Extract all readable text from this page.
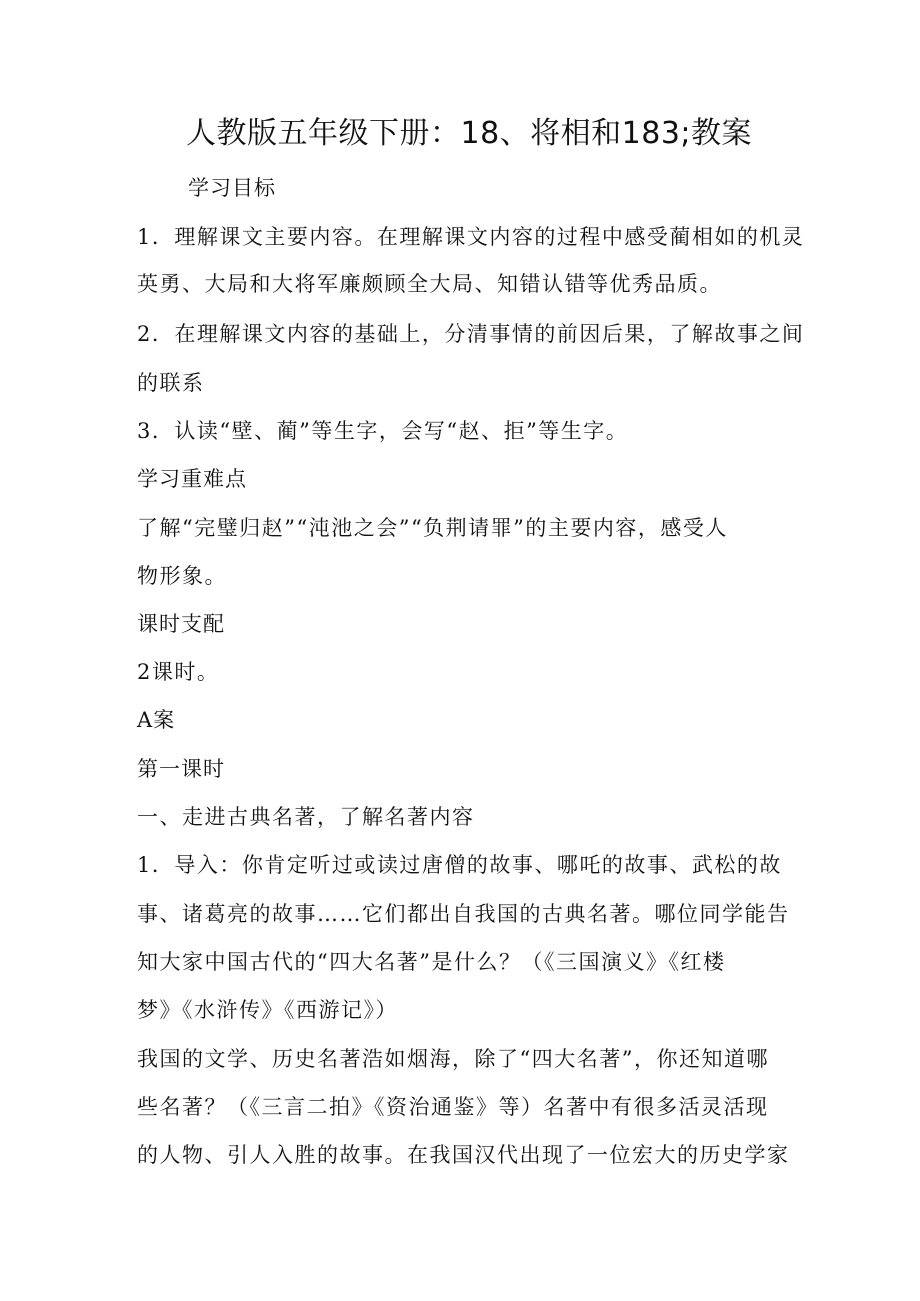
人教版五年级下册：18、将相和183;教案
学习目标
1．理解课文主要内容。在理解课文内容的过程中感受蔺相如的机灵
英勇、大局和大将军廉颇顾全大局、知错认错等优秀品质。
2．在理解课文内容的基础上，分清事情的前因后果，了解故事之间
的联系
3．认读“壁、蔺”等生字，会写“赵、拒”等生字。
学习重难点
了解“完璧归赵”“沌池之会”“负荆请罪”的主要内容，感受人
物形象。
课时支配
2课时。
A案
第一课时
一、走进古典名著，了解名著内容
1．导入：你肯定听过或读过唐僧的故事、哪吒的故事、武松的故
事、诸葛亮的故事……它们都出自我国的古典名著。哪位同学能告
知大家中国古代的“四大名著”是什么？（《三国演义》《红楼
梦》《水浒传》《西游记》）
我国的文学、历史名著浩如烟海，除了“四大名著”，你还知道哪
些名著？（《三言二拍》《资治通鉴》等）名著中有很多活灵活现
的人物、引人入胜的故事。在我国汉代出现了一位宏大的历史学家
